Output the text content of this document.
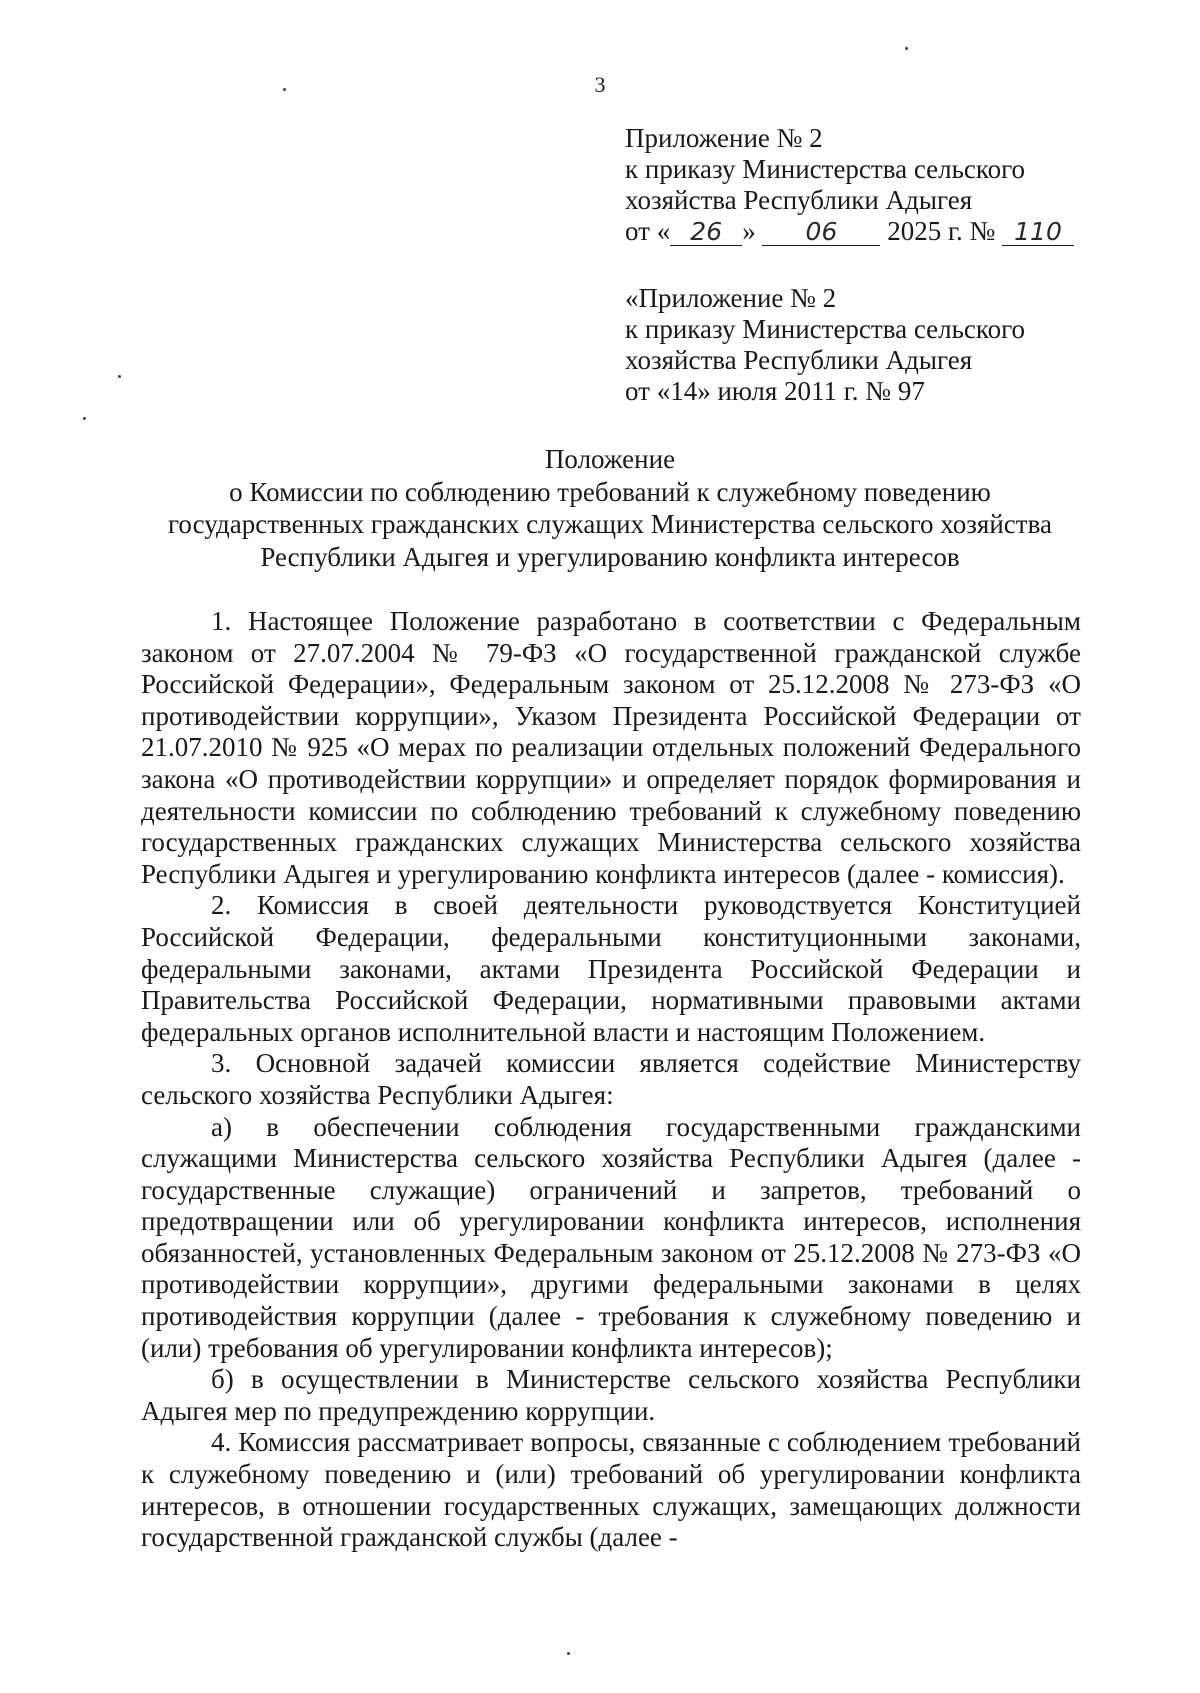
3
Приложение № 2
к приказу Министерства сельского
хозяйства Республики Адыгея
от « 26 » 06 2025 г. № 110
«Приложение № 2
к приказу Министерства сельского
хозяйства Республики Адыгея
от «14» июля 2011 г. № 97
Положение
о Комиссии по соблюдению требований к служебному поведению
государственных гражданских служащих Министерства сельского хозяйства
Республики Адыгея и урегулированию конфликта интересов

1. Настоящее Положение разработано в соответствии с Федеральным законом от 27.07.2004 № 79-ФЗ «О государственной гражданской службе Российской Федерации», Федеральным законом от 25.12.2008 № 273-ФЗ «О противодействии коррупции», Указом Президента Российской Федерации от 21.07.2010 № 925 «О мерах по реализации отдельных положений Федерального закона «О противодействии коррупции» и определяет порядок формирования и деятельности комиссии по соблюдению требований к служебному поведению государственных гражданских служащих Министерства сельского хозяйства Республики Адыгея и урегулированию конфликта интересов (далее - комиссия).

2. Комиссия в своей деятельности руководствуется Конституцией Российской Федерации, федеральными конституционными законами, федеральными законами, актами Президента Российской Федерации и Правительства Российской Федерации, нормативными правовыми актами федеральных органов исполнительной власти и настоящим Положением.

3. Основной задачей комиссии является содействие Министерству сельского хозяйства Республики Адыгея:

а) в обеспечении соблюдения государственными гражданскими служащими Министерства сельского хозяйства Республики Адыгея (далее - государственные служащие) ограничений и запретов, требований о предотвращении или об урегулировании конфликта интересов, исполнения обязанностей, установленных Федеральным законом от 25.12.2008 № 273-ФЗ «О противодействии коррупции», другими федеральными законами в целях противодействия коррупции (далее - требования к служебному поведению и (или) требования об урегулировании конфликта интересов);

б) в осуществлении в Министерстве сельского хозяйства Республики Адыгея мер по предупреждению коррупции.

4. Комиссия рассматривает вопросы, связанные с соблюдением требований к служебному поведению и (или) требований об урегулировании конфликта интересов, в отношении государственных служащих, замещающих должности государственной гражданской службы (далее -
